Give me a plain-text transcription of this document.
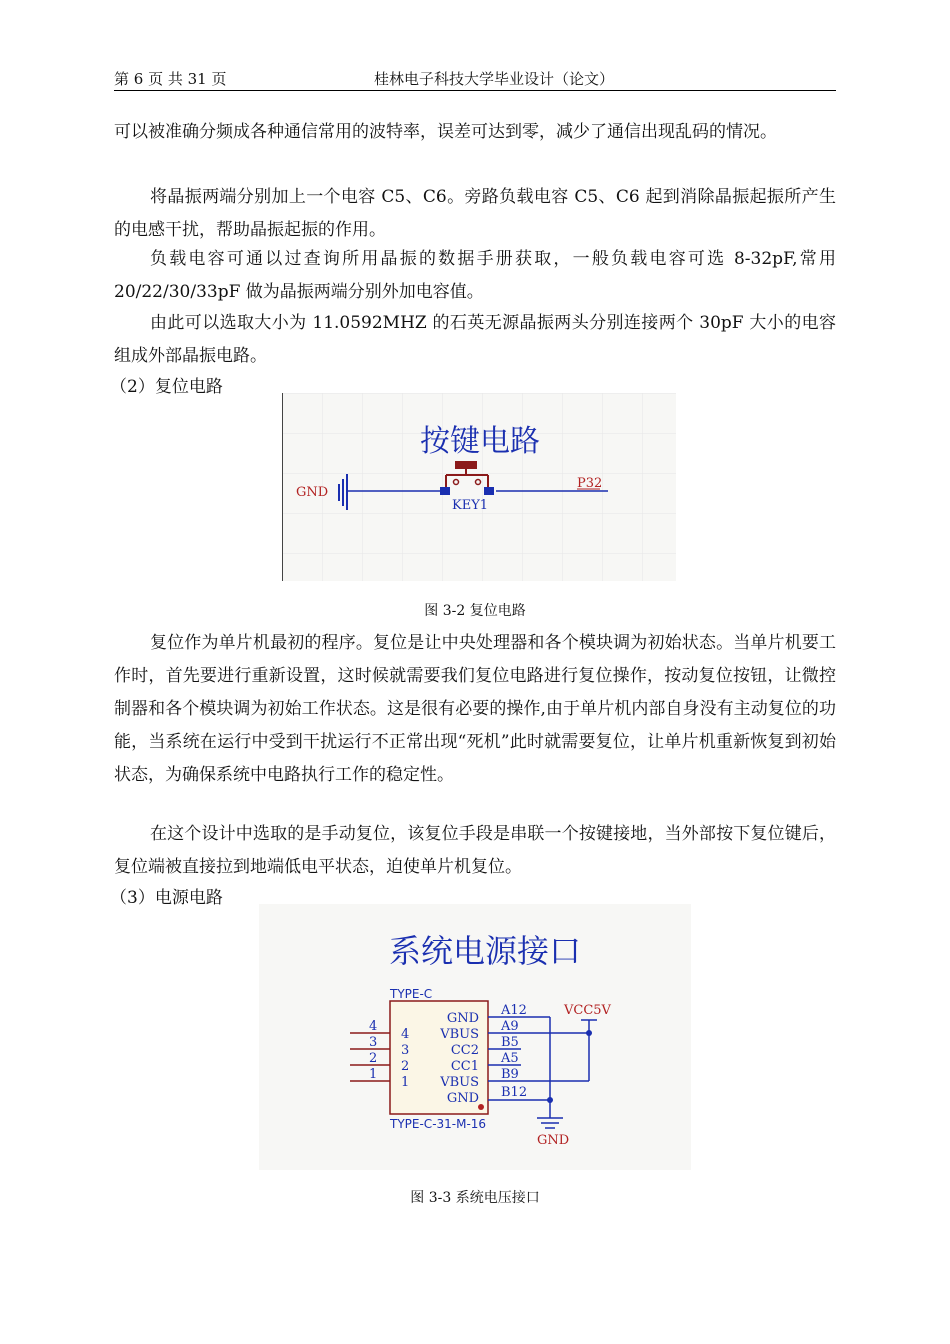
第 6 页 共 31 页	桂林电子科技大学毕业设计（论文）

可以被准确分频成各种通信常用的波特率，误差可达到零，减少了通信出现乱码的情况。

将晶振两端分别加上一个电容 C5、C6。旁路负载电容 C5、C6 起到消除晶振起振所产生的电感干扰，帮助晶振起振的作用。

负载电容可通以过查询所用晶振的数据手册获取，一般负载电容可选 8-32pF,常用 20/22/30/33pF 做为晶振两端分别外加电容值。

由此可以选取大小为 11.0592MHZ 的石英无源晶振两头分别连接两个 30pF 大小的电容组成外部晶振电路。

（2）复位电路

按键电路
GND
KEY1
P32
图 3-2 复位电路

复位作为单片机最初的程序。复位是让中央处理器和各个模块调为初始状态。当单片机要工作时，首先要进行重新设置，这时候就需要我们复位电路进行复位操作，按动复位按钮，让微控制器和各个模块调为初始工作状态。这是很有必要的操作,由于单片机内部自身没有主动复位的功能，当系统在运行中受到干扰运行不正常出现“死机”此时就需要复位，让单片机重新恢复到初始状态，为确保系统中电路执行工作的稳定性。

在这个设计中选取的是手动复位，该复位手段是串联一个按键接地，当外部按下复位键后，复位端被直接拉到地端低电平状态，迫使单片机复位。

（3）电源电路

系统电源接口
TYPE-C
TYPE-C-31-M-16
GND
VBUS
CC2
CC1
VBUS
GND
4
3
2
1
4
3
2
1
A12
A9
B5
A5
B9
B12
VCC5V
GND
图 3-3 系统电压接口
